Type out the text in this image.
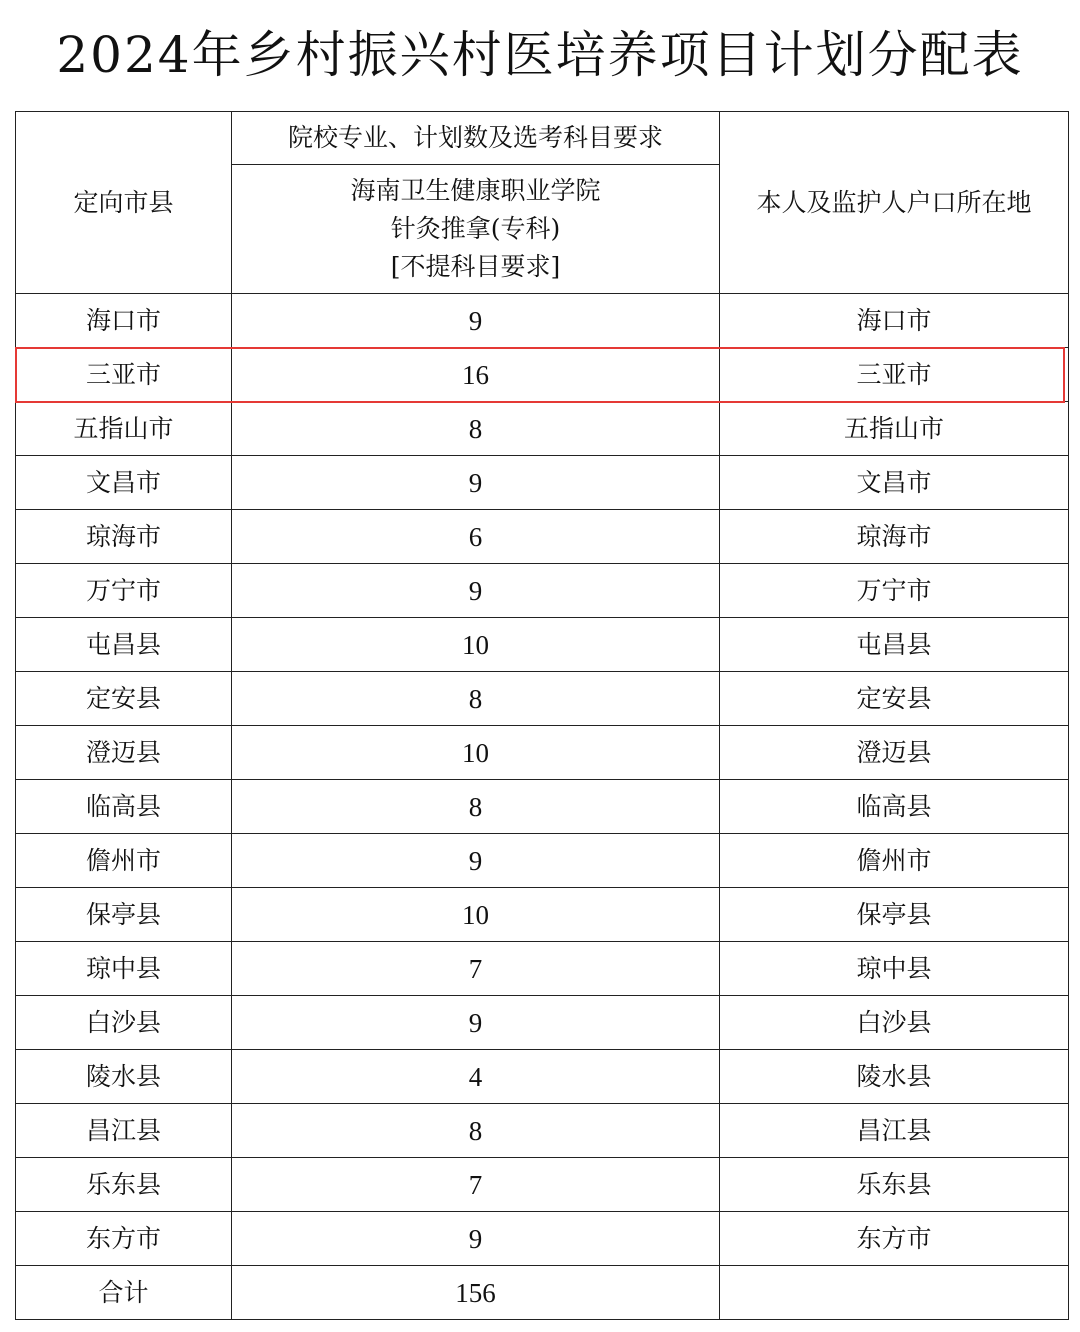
2024年乡村振兴村医培养项目计划分配表
定向市县	院校专业、计划数及选考科目要求	本人及监护人户口所在地

	海南卫生健康职业学院
针灸推拿(专科)
[不提科目要求]	

海口市	9	海口市
三亚市	16	三亚市
五指山市	8	五指山市
文昌市	9	文昌市
琼海市	6	琼海市
万宁市	9	万宁市
屯昌县	10	屯昌县
定安县	8	定安县
澄迈县	10	澄迈县
临高县	8	临高县
儋州市	9	儋州市
保亭县	10	保亭县
琼中县	7	琼中县
白沙县	9	白沙县
陵水县	4	陵水县
昌江县	8	昌江县
乐东县	7	乐东县
东方市	9	东方市
合计	156	
